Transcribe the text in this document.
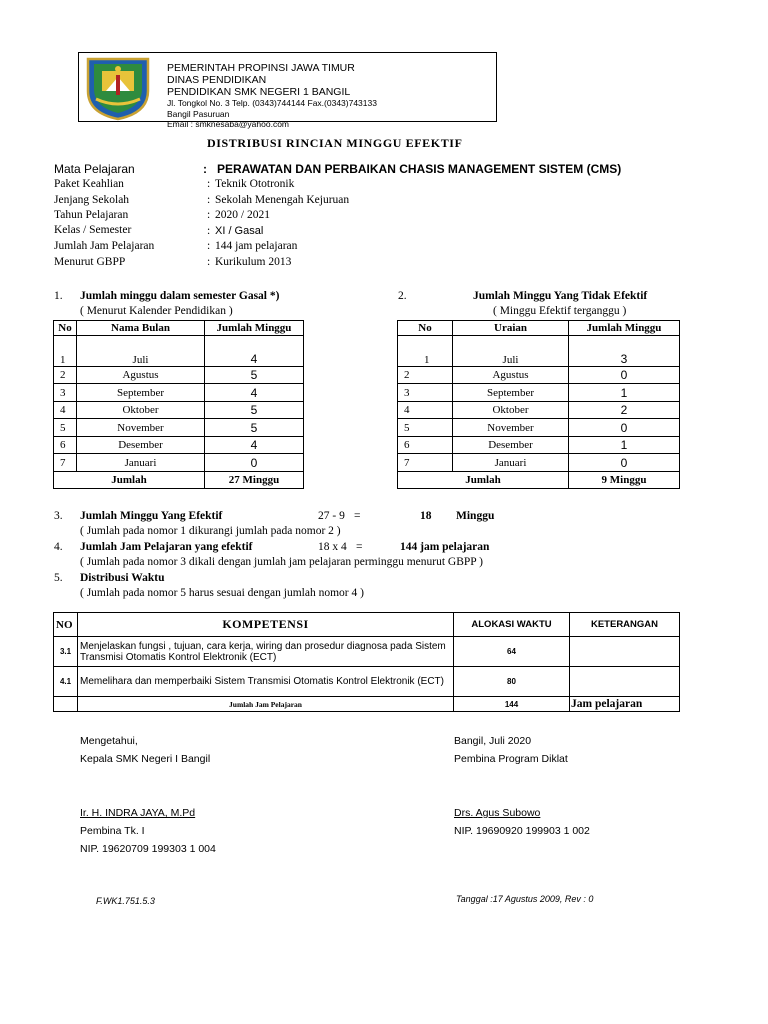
PEMERINTAH PROPINSI JAWA TIMUR
DINAS PENDIDIKAN
PENDIDIKAN SMK NEGERI 1 BANGIL
Jl. Tongkol No. 3 Telp. (0343)744144 Fax.(0343)743133
Bangil Pasuruan
Email : smknesaba@yahoo.com
DISTRIBUSI RINCIAN MINGGU EFEKTIF
Mata Pelajaran	: PERAWATAN DAN PERBAIKAN CHASIS MANAGEMENT SISTEM (CMS)
Paket Keahlian	: Teknik Ototronik
Jenjang Sekolah	: Sekolah Menengah Kejuruan
Tahun Pelajaran	: 2020 / 2021
Kelas / Semester	: XI / Gasal
Jumlah Jam Pelajaran	: 144 jam pelajaran
Menurut GBPP	: Kurikulum 2013
1. Jumlah minggu dalam semester Gasal *)
( Menurut Kalender Pendidikan )
No	Nama Bulan	Jumlah Minggu
1	Juli	4
2	Agustus	5
3	September	4
4	Oktober	5
5	November	5
6	Desember	4
7	Januari	0
Jumlah		27 Minggu
2.	Jumlah Minggu Yang Tidak Efektif
( Minggu Efektif terganggu )
No	Uraian	Jumlah Minggu
1	Juli	3
2	Agustus	0
3	September	1
4	Oktober	2
5	November	0
6	Desember	1
7	Januari	0
Jumlah		9 Minggu
3. Jumlah Minggu Yang Efektif	27 - 9 =	18 Minggu
( Jumlah pada nomor 1 dikurangi jumlah pada nomor 2 )
4. Jumlah Jam Pelajaran yang efektif	18 x 4 =	144 jam pelajaran
( Jumlah pada nomor 3 dikali dengan jumlah jam pelajaran perminggu menurut GBPP )
5. Distribusi Waktu
( Jumlah pada nomor 5 harus sesuai dengan jumlah nomor 4 )
NO	KOMPETENSI	ALOKASI WAKTU	KETERANGAN
3.1	Menjelaskan fungsi , tujuan, cara kerja, wiring dan prosedur diagnosa pada Sistem Transmisi Otomatis Kontrol Elektronik (ECT)	64	
4.1	Memelihara dan memperbaiki Sistem Transmisi Otomatis Kontrol Elektronik (ECT)	80	
	Jumlah Jam Pelajaran	144	Jam pelajaran
Mengetahui,
Kepala SMK Negeri I Bangil
Ir. H. INDRA JAYA, M.Pd
Pembina Tk. I
NIP. 19620709 199303 1 004
Bangil, Juli 2020
Pembina Program Diklat
Drs. Agus Subowo
NIP. 19690920 199903 1 002
F.WK1.751.5.3	Tanggal :17 Agustus 2009, Rev : 0
